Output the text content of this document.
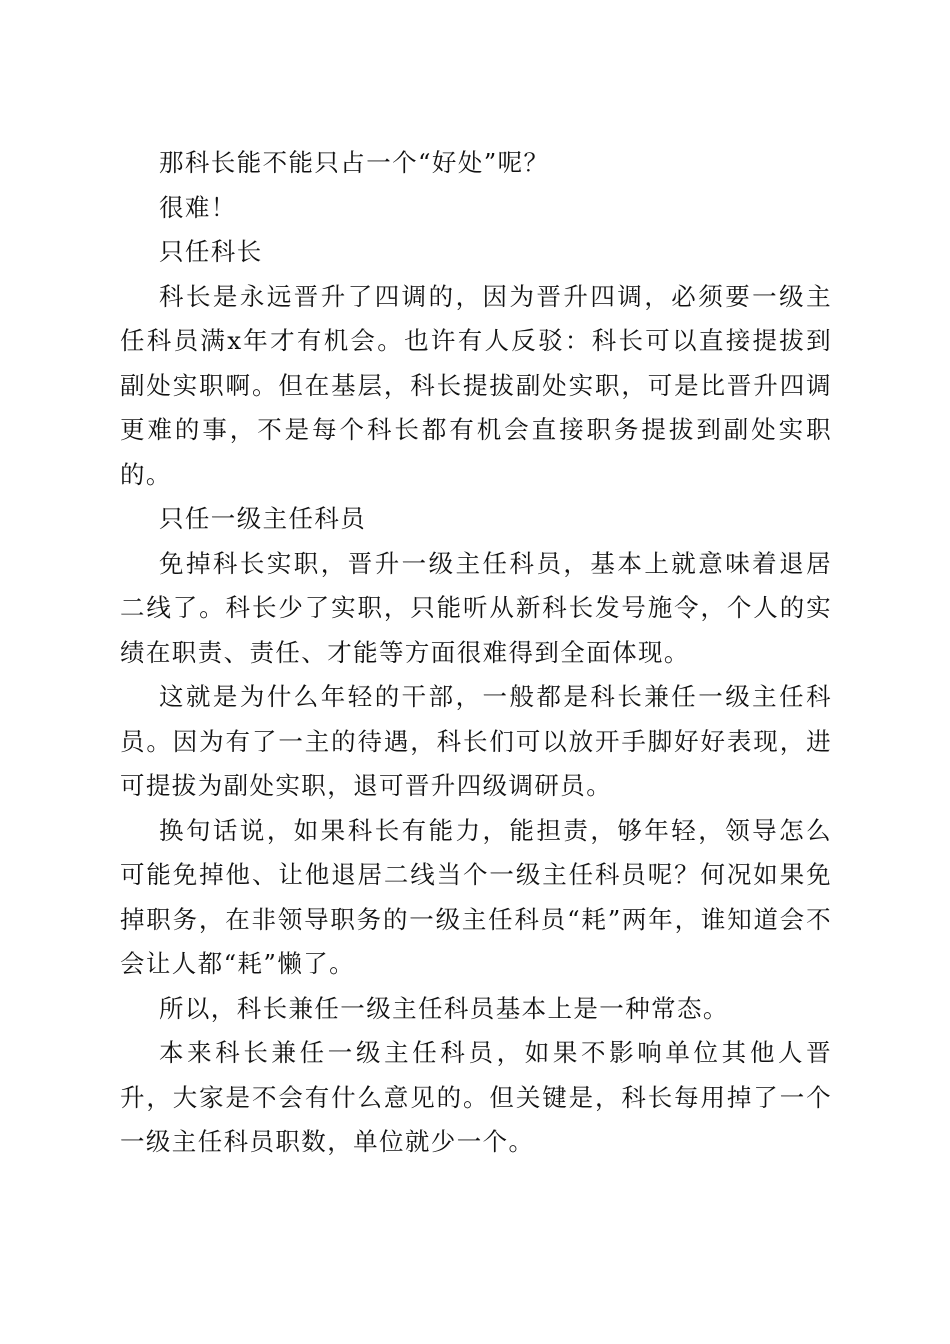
那科长能不能只占一个“好处”呢？

很难！

只任科长

科长是永远晋升了四调的，因为晋升四调，必须要一级主任科员满x年才有机会。也许有人反驳：科长可以直接提拔到副处实职啊。但在基层，科长提拔副处实职，可是比晋升四调更难的事，不是每个科长都有机会直接职务提拔到副处实职的。

只任一级主任科员

免掉科长实职，晋升一级主任科员，基本上就意味着退居二线了。科长少了实职，只能听从新科长发号施令，个人的实绩在职责、责任、才能等方面很难得到全面体现。

这就是为什么年轻的干部，一般都是科长兼任一级主任科员。因为有了一主的待遇，科长们可以放开手脚好好表现，进可提拔为副处实职，退可晋升四级调研员。

换句话说，如果科长有能力，能担责，够年轻，领导怎么可能免掉他、让他退居二线当个一级主任科员呢？何况如果免掉职务，在非领导职务的一级主任科员“耗”两年，谁知道会不会让人都“耗”懒了。

所以，科长兼任一级主任科员基本上是一种常态。

本来科长兼任一级主任科员，如果不影响单位其他人晋升，大家是不会有什么意见的。但关键是，科长每用掉了一个一级主任科员职数，单位就少一个。
